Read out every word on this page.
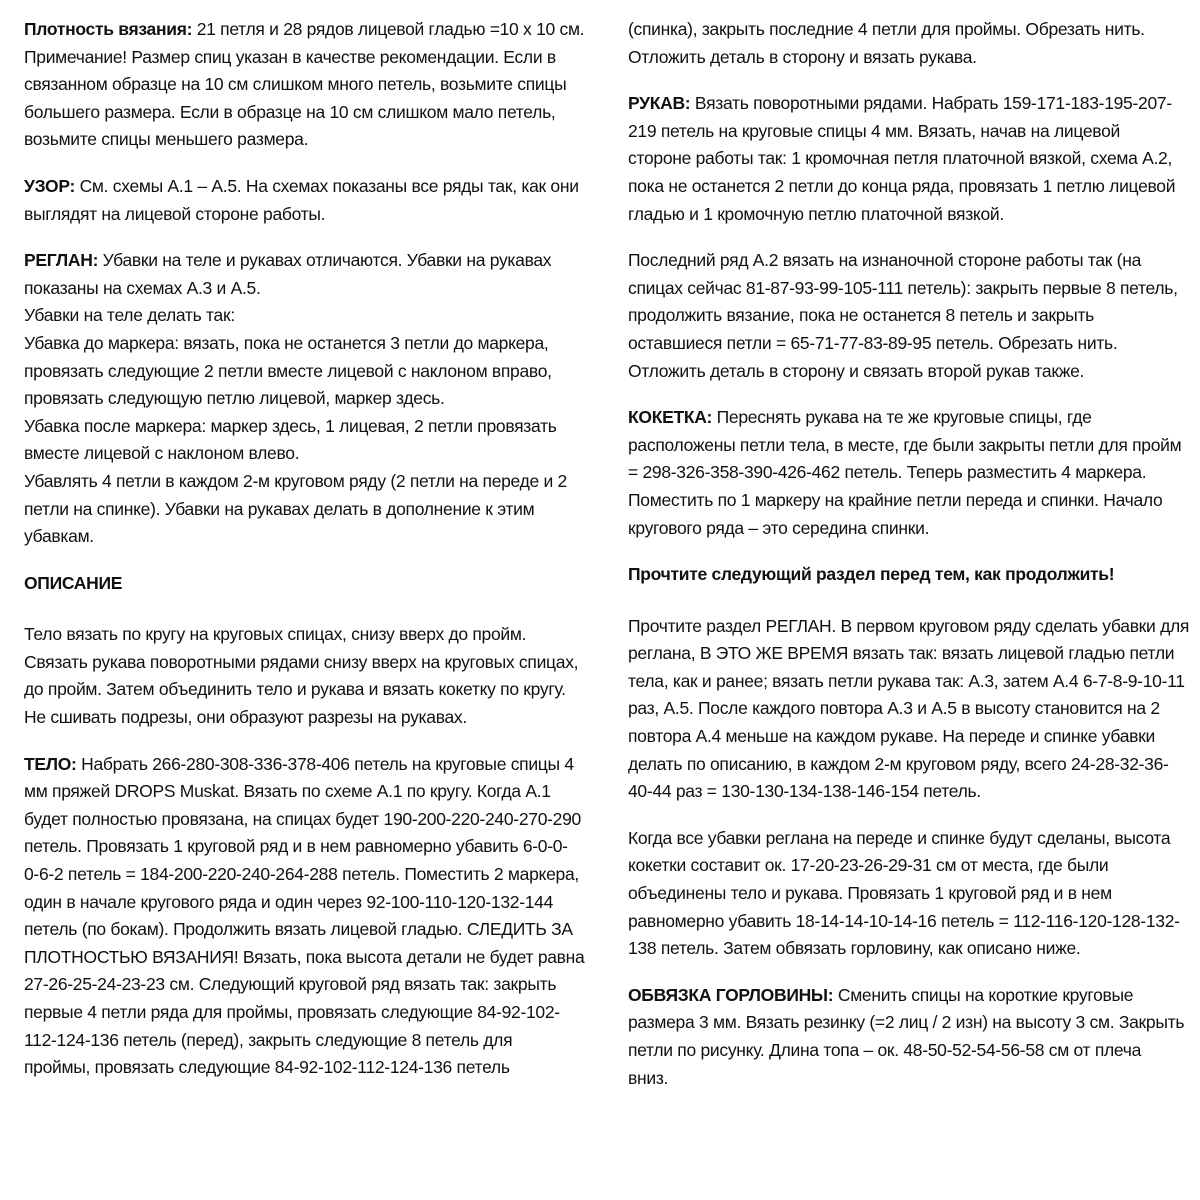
Плотность вязания: 21 петля и 28 рядов лицевой гладью =10 x 10 см.
Примечание! Размер спиц указан в качестве рекомендации. Если в
связанном образце на 10 см слишком много петель, возьмите спицы
большего размера. Если в образце на 10 см слишком мало петель,
возьмите спицы меньшего размера.
УЗОР: См. схемы А.1 – А.5. На схемах показаны все ряды так, как они
выглядят на лицевой стороне работы.
РЕГЛАН: Убавки на теле и рукавах отличаются. Убавки на рукавах
показаны на схемах А.3 и А.5.
Убавки на теле делать так:
Убавка до маркера: вязать, пока не останется 3 петли до маркера,
провязать следующие 2 петли вместе лицевой с наклоном вправо,
провязать следующую петлю лицевой, маркер здесь.
Убавка после маркера: маркер здесь, 1 лицевая, 2 петли провязать
вместе лицевой с наклоном влево.
Убавлять 4 петли в каждом 2-м круговом ряду (2 петли на переде и 2
петли на спинке). Убавки на рукавах делать в дополнение к этим
убавкам.
ОПИСАНИЕ
Тело вязать по кругу на круговых спицах, снизу вверх до пройм.
Связать рукава поворотными рядами снизу вверх на круговых спицах,
до пройм. Затем объединить тело и рукава и вязать кокетку по кругу.
Не сшивать подрезы, они образуют разрезы на рукавах.
ТЕЛО: Набрать 266-280-308-336-378-406 петель на круговые спицы 4
мм пряжей DROPS Muskat. Вязать по схеме А.1 по кругу. Когда А.1
будет полностью провязана, на спицах будет 190-200-220-240-270-290
петель. Провязать 1 круговой ряд и в нем равномерно убавить 6-0-0-
0-6-2 петель = 184-200-220-240-264-288 петель. Поместить 2 маркера,
один в начале кругового ряда и один через 92-100-110-120-132-144
петель (по бокам). Продолжить вязать лицевой гладью. СЛЕДИТЬ ЗА
ПЛОТНОСТЬЮ ВЯЗАНИЯ! Вязать, пока высота детали не будет равна
27-26-25-24-23-23 см. Следующий круговой ряд вязать так: закрыть
первые 4 петли ряда для проймы, провязать следующие 84-92-102-
112-124-136 петель (перед), закрыть следующие 8 петель для
проймы, провязать следующие 84-92-102-112-124-136 петель
(спинка), закрыть последние 4 петли для проймы. Обрезать нить.
Отложить деталь в сторону и вязать рукава.
РУКАВ: Вязать поворотными рядами. Набрать 159-171-183-195-207-
219 петель на круговые спицы 4 мм. Вязать, начав на лицевой
стороне работы так: 1 кромочная петля платочной вязкой, схема А.2,
пока не останется 2 петли до конца ряда, провязать 1 петлю лицевой
гладью и 1 кромочную петлю платочной вязкой.
Последний ряд А.2 вязать на изнаночной стороне работы так (на
спицах сейчас 81-87-93-99-105-111 петель): закрыть первые 8 петель,
продолжить вязание, пока не останется 8 петель и закрыть
оставшиеся петли = 65-71-77-83-89-95 петель. Обрезать нить.
Отложить деталь в сторону и связать второй рукав также.
КОКЕТКА: Переснять рукава на те же круговые спицы, где
расположены петли тела, в месте, где были закрыты петли для пройм
= 298-326-358-390-426-462 петель. Теперь разместить 4 маркера.
Поместить по 1 маркеру на крайние петли переда и спинки. Начало
кругового ряда – это середина спинки.
Прочтите следующий раздел перед тем, как продолжить!
Прочтите раздел РЕГЛАН. В первом круговом ряду сделать убавки для
реглана, В ЭТО ЖЕ ВРЕМЯ вязать так: вязать лицевой гладью петли
тела, как и ранее; вязать петли рукава так: А.3, затем А.4 6-7-8-9-10-11
раз, А.5. После каждого повтора А.3 и А.5 в высоту становится на 2
повтора А.4 меньше на каждом рукаве. На переде и спинке убавки
делать по описанию, в каждом 2-м круговом ряду, всего 24-28-32-36-
40-44 раз = 130-130-134-138-146-154 петель.
Когда все убавки реглана на переде и спинке будут сделаны, высота
кокетки составит ок. 17-20-23-26-29-31 см от места, где были
объединены тело и рукава. Провязать 1 круговой ряд и в нем
равномерно убавить 18-14-14-10-14-16 петель = 112-116-120-128-132-
138 петель. Затем обвязать горловину, как описано ниже.
ОБВЯЗКА ГОРЛОВИНЫ: Сменить спицы на короткие круговые
размера 3 мм. Вязать резинку (=2 лиц / 2 изн) на высоту 3 см. Закрыть
петли по рисунку. Длина топа – ок. 48-50-52-54-56-58 см от плеча
вниз.
